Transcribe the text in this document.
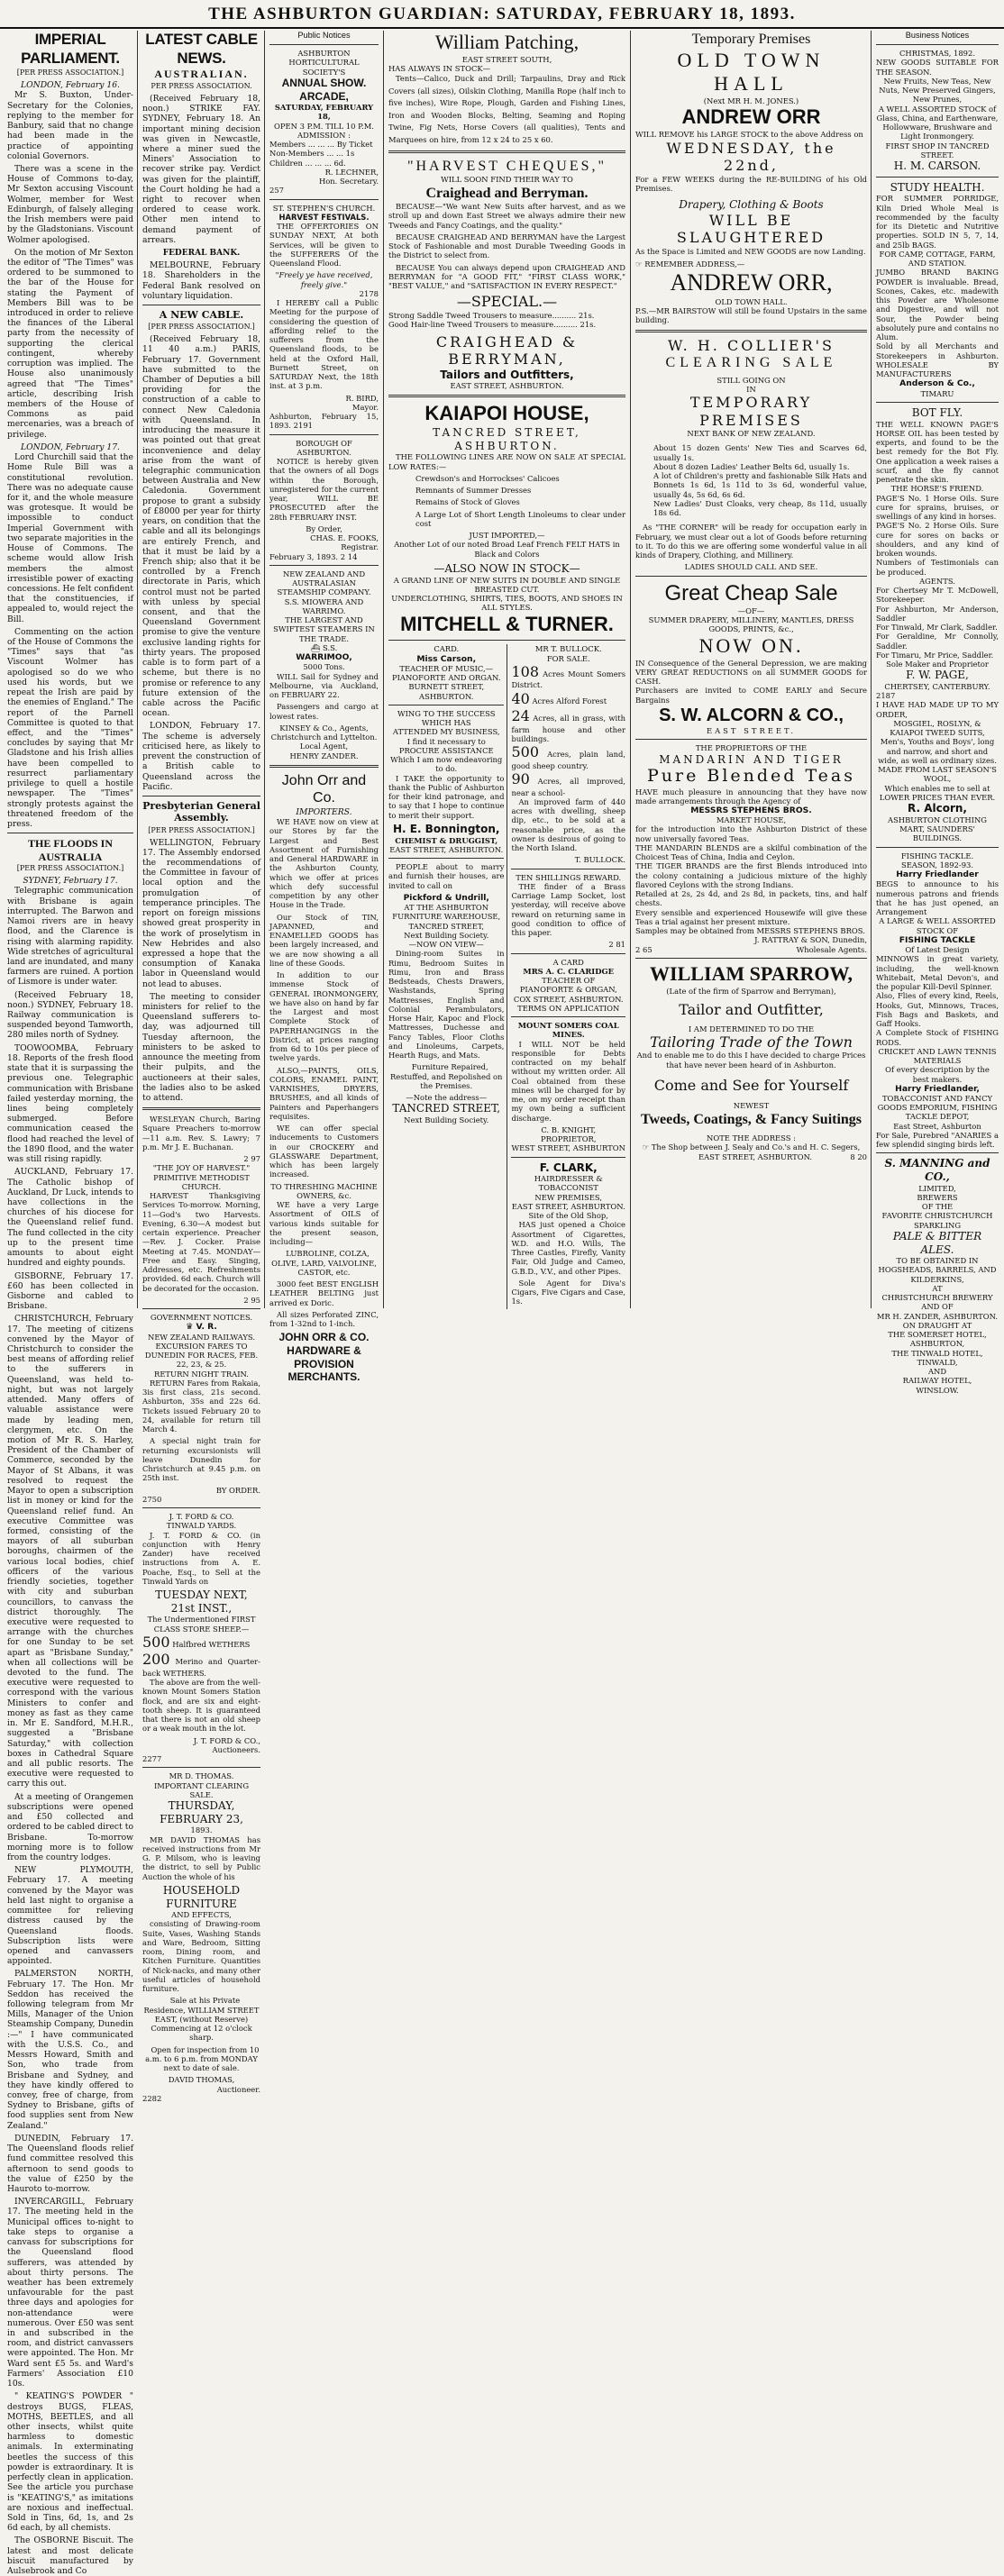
THE ASHBURTON GUARDIAN: SATURDAY, FEBRUARY 18, 1893.
IMPERIAL PARLIAMENT.
[PER PRESS ASSOCIATION.]
LONDON, February 16.

Mr S. Buxton, Under-Secretary for the Colonies, replying to the member for Banbury, said that no change had been made in the practice of appointing colonial Governors.

There was a scene in the House of Commons to-day, Mr Sexton accusing Viscount Wolmer, member for West Edinburgh, of falsely alleging the Irish members were paid by the Gladstonians. Viscount Wolmer apologised.

On the motion of Mr Sexton the editor of "The Times" was ordered to be summoned to the bar of the House for stating the Payment of Members Bill was to be introduced in order to relieve the finances of the Liberal party from the necessity of supporting the clerical contingent, whereby corruption was implied. The House also unanimously agreed that "The Times" article, describing Irish members of the House of Commons as paid mercenaries, was a breach of privilege.

LONDON, February 17.

Lord Churchill said that the Home Rule Bill was a constitutional revolution. There was no adequate cause for it, and the whole measure was grotesque. It would be impossible to conduct Imperial Government with two separate majorities in the House of Commons. The scheme would allow Irish members the almost irresistible power of exacting concessions. He felt confident that the constituencies, if appealed to, would reject the Bill.

Commenting on the action of the House of Commons the "Times" says that "as Viscount Wolmer has apologised so do we who used his words, but we repeat the Irish are paid by the enemies of England." The report of the Parnell Committee is quoted to that effect, and the "Times" concludes by saying that Mr Gladstone and his Irish allies have been compelled to resurrect parliamentary privilege to quell a hostile newspaper. The "Times" strongly protests against the threatened freedom of the press.

THE FLOODS IN AUSTRALIA
[PER PRESS ASSOCIATION.]
SYDNEY, February 17.

Telegraphic communication with Brisbane is again interrupted. The Barwon and Namoi rivers are in heavy flood, and the Clarence is rising with alarming rapidity. Wide stretches of agricultural land are inundated, and many farmers are ruined. A portion of Lismore is under water.

(Received February 18, noon.) SYDNEY, February 18. Railway communication is suspended beyond Tamworth, 280 miles north of Sydney.

TOOWOOMBA, February 18. Reports of the fresh flood state that it is surpassing the previous one. Telegraphic communication with Brisbane failed yesterday morning, the lines being completely submerged. Before communication ceased the flood had reached the level of the 1890 flood, and the water was still rising rapidly.

AUCKLAND, February 17. The Catholic bishop of Auckland, Dr Luck, intends to have collections in the churches of his diocese for the Queensland relief fund. The fund collected in the city up to the present time amounts to about eight hundred and eighty pounds.

GISBORNE, February 17. £60 has been collected in Gisborne and cabled to Brisbane.

CHRISTCHURCH, February 17. The meeting of citizens convened by the Mayor of Christchurch to consider the best means of affording relief to the sufferers in Queensland, was held to-night, but was not largely attended. Many offers of valuable assistance were made by leading men, clergymen, etc. On the motion of Mr R. S. Harley, President of the Chamber of Commerce, seconded by the Mayor of St Albans, it was resolved to request the Mayor to open a subscription list in money or kind for the Queensland relief fund. An executive Committee was formed, consisting of the mayors of all suburban boroughs, chairmen of the various local bodies, chief officers of the various friendly societies, together with city and suburban councillors, to canvass the district thoroughly. The executive were requested to arrange with the churches for one Sunday to be set apart as "Brisbane Sunday," when all collections will be devoted to the fund. The executive were requested to correspond with the various Ministers to confer and money as fast as they came in. Mr E. Sandford, M.H.R., suggested a "Brisbane Saturday," with collection boxes in Cathedral Square and all public resorts. The executive were requested to carry this out.

At a meeting of Orangemen subscriptions were opened and £50 collected and ordered to be cabled direct to Brisbane. To-morrow morning more is to follow from the country lodges.

NEW PLYMOUTH, February 17. A meeting convened by the Mayor was held last night to organise a committee for relieving distress caused by the Queensland floods. Subscription lists were opened and canvassers appointed.

PALMERSTON NORTH, February 17. The Hon. Mr Seddon has received the following telegram from Mr Mills, Manager of the Union Steamship Company, Dunedin :—" I have communicated with the U.S.S. Co., and Messrs Howard, Smith and Son, who trade from Brisbane and Sydney, and they have kindly offered to convey, free of charge, from Sydney to Brisbane, gifts of food supplies sent from New Zealand."

DUNEDIN, February 17. The Queensland floods relief fund committee resolved this afternoon to send goods to the value of £250 by the Hauroto to-morrow.

INVERCARGILL, February 17. The meeting held in the Municipal offices to-night to take steps to organise a canvass for subscriptions for the Queensland flood sufferers, was attended by about thirty persons. The weather has been extremely unfavourable for the past three days and apologies for non-attendance were numerous. Over £50 was sent in and subscribed in the room, and district canvassers were appointed. The Hon. Mr Ward sent £5 5s. and Ward's Farmers' Association £10 10s.

" KEATING'S POWDER " destroys BUGS, FLEAS, MOTHS, BEETLES, and all other insects, whilst quite harmless to domestic animals. In exterminating beetles the success of this powder is extraordinary. It is perfectly clean in application. See the article you purchase is "KEATING'S," as imitations are noxious and ineffectual. Sold in Tins, 6d, 1s, and 2s 6d each, by all chemists.

The OSBORNE Biscuit. The latest and most delicate biscuit manufactured by Aulsebrook and Co

LATEST CABLE NEWS.
AUSTRALIAN.
PER PRESS ASSOCIATION.

(Received February 18, noon.) STRIKE FAY. SYDNEY, February 18. An important mining decision was given in Newcastle, where a miner sued the Miners' Association to recover strike pay. Verdict was given for the plaintiff, the Court holding he had a right to recover when ordered to cease work. Other men intend to demand payment of arrears.

FEDERAL BANK.

MELBOURNE, February 18. Shareholders in the Federal Bank resolved on voluntary liquidation.

A NEW CABLE.
[PER PRESS ASSOCIATION.]

(Received February 18, 11 40 a.m.) PARIS, February 17. Government have submitted to the Chamber of Deputies a bill providing for the construction of a cable to connect New Caledonia with Queensland. In introducing the measure it was pointed out that great inconvenience and delay arise from the want of telegraphic communication between Australia and New Caledonia. Government propose to grant a subsidy of £8000 per year for thirty years, on condition that the cable and all its belongings are entirely French, and that it must be laid by a French ship; also that it be controlled by a French directorate in Paris, which control must not be parted with unless by special consent, and that the Queensland Government promise to give the venture exclusive landing rights for thirty years. The proposed cable is to form part of a scheme, but there is no promise or reference to any future extension of the cable across the Pacific ocean.

LONDON, February 17. The scheme is adversely criticised here, as likely to prevent the construction of a British cable to Queensland across the Pacific.

Presbyterian General Assembly.
[PER PRESS ASSOCIATION.]

WELLINGTON, February 17. The Assembly endorsed the recommendations of the Committee in favour of local option and the promulgation of temperance principles. The report on foreign missions showed great prosperity in the work of proselytism in New Hebrides and also expressed a hope that the consumption of Kanaka labor in Queensland would not lead to abuses.

The meeting to consider ministers for relief to the Queensland sufferers to-day, was adjourned till Tuesday afternoon, the ministers to be asked to announce the meeting from their pulpits, and the auctioneers at their sales, the ladies also to be asked to attend.

WESLEYAN Church, Baring Square Preachers to-morrow—11 a.m. Rev. S. Lawry; 7 p.m. Mr J. E. Buchanan.

2 97
"THE JOY OF HARVEST."
PRIMITIVE METHODIST CHURCH.

HARVEST Thanksgiving Services To-morrow. Morning, 11—God's two Harvests. Evening, 6.30—A modest but certain experience. Preacher—Rev. J. Cocker. Praise Meeting at 7.45. MONDAY—Free and Easy. Singing, Addresses, etc. Refreshments provided. 6d each. Church will be decorated for the occasion.

2 95
GOVERNMENT NOTICES.
♛ V. R.
NEW ZEALAND RAILWAYS.
EXCURSION FARES TO DUNEDIN FOR RACES, FEB. 22, 23, & 25.
RETURN NIGHT TRAIN.

RETURN Fares from Rakaia, 3is first class, 21s second. Ashburton, 35s and 22s 6d. Tickets issued February 20 to 24, available for return till March 4.

A special night train for returning excursionists will leave Dunedin for Christchurch at 9.45 p.m. on 25th inst.

BY ORDER.
2750
J. T. FORD & CO.
TINWALD YARDS.

J. T. FORD & CO. (in conjunction with Henry Zander) have received instructions from A. E. Poache, Esq., to Sell at the Tinwald Yards on

TUESDAY NEXT, 21st INST.,
The Undermentioned FIRST CLASS STORE SHEEP.—
500 Halfbred WETHERS
200 Merino and Quarter-back WETHERS.

The above are from the well-known Mount Somers Station flock, and are six and eight-tooth sheep. It is guaranteed that there is not an old sheep or a weak mouth in the lot.

J. T. FORD & CO.,
Auctioneers.
2277
MR D. THOMAS.
IMPORTANT CLEARING SALE.
THURSDAY, FEBRUARY 23,
1893.

MR DAVID THOMAS has received instructions from Mr G. P. Milsom, who is leaving the district, to sell by Public Auction the whole of his

HOUSEHOLD FURNITURE
AND EFFECTS,

consisting of Drawing-room Suite, Vases, Washing Stands and Ware, Bedroom, Sitting room, Dining room, and Kitchen Furniture. Quantities of Nick-nacks, and many other useful articles of household furniture.

Sale at his Private Residence, WILLIAM STREET EAST, (without Reserve) Commencing at 12 o'clock sharp.

Open for inspection from 10 a.m. to 6 p.m. from MONDAY next to date of sale.

DAVID THOMAS,
Auctioneer.
2282
Public Notices
ASHBURTON
HORTICULTURAL SOCIETY'S
ANNUAL SHOW.
ARCADE,
SATURDAY, FEBRUARY 18,
OPEN 3 P.M. TILL 10 P.M.
ADMISSION :
Members ... ... ... By Ticket
Non-Members ... ... 1s
Children ... ... ... 6d.
R. LECHNER,
Hon. Secretary.
257
ST. STEPHEN'S CHURCH.
HARVEST FESTIVALS.

THE OFFERTORIES ON SUNDAY NEXT, At both Services, will be given to the SUFFERERS Of the Queensland Flood.

"Freely ye have received, freely give."
2178

I HEREBY call a Public Meeting for the purpose of considering the question of affording relief to the sufferers from the Queensland floods, to be held at the Oxford Hall, Burnett Street, on SATURDAY Next, the 18th inst. at 3 p.m.

R. BIRD,
Mayor.
Ashburton, February 15, 1893. 2191
BOROUGH OF ASHBURTON.

NOTICE is hereby given that the owners of all Dogs within the Borough, unregistered for the current year, WILL BE PROSECUTED after the 28th FEBRUARY INST.

By Order,
CHAS. E. FOOKS,
Registrar.
February 3, 1893. 2 14
NEW ZEALAND AND AUSTRALASIAN STEAMSHIP COMPANY.
S.S. MIOWERA AND WARRIMO.
THE LARGEST AND SWIFTEST STEAMERS IN THE TRADE.
⛴ S.S.
WARRIMOO,
5000 Tons.

WILL Sail for Sydney and Melbourne, via Auckland, on FEBRUARY 22.

Passengers and cargo at lowest rates.

KINSEY & Co., Agents, Christchurch and Lyttelton.
Local Agent,
HENRY ZANDER.
John Orr and Co.
IMPORTERS.

WE HAVE now on view at our Stores by far the Largest and Best Assortment of Furnishing and General HARDWARE in the Ashburton County, which we offer at prices which defy successful competition by any other House in the Trade.

Our Stock of TIN, JAPANNED, and ENAMELLED GOODS has been largely increased, and we are now showing a all line of these Goods.

In addition to our immense Stock of GENERAL IRONMONGERY, we have also on hand by far the Largest and most Complete Stock of PAPERHANGINGS in the District, at prices ranging from 6d to 10s per piece of twelve yards.

ALSO,—PAINTS, OILS, COLORS, ENAMEL PAINT, VARNISHES, DRYERS, BRUSHES, and all kinds of Painters and Paperhangers requisites.

WE can offer special inducements to Customers in our CROCKERY and GLASSWARE Department, which has been largely increased.

TO THRESHING MACHINE OWNERS, &c.

WE have a very Large Assortment of OILS of various kinds suitable for the present season, including—

LUBROLINE, COLZA, OLIVE, LARD, VALVOLINE, CASTOR, etc.

3000 feet BEST ENGLISH LEATHER BELTING just arrived ex Doric.

All sizes Perforated ZINC, from 1-32nd to 1-inch.

JOHN ORR & CO.
HARDWARE & PROVISION MERCHANTS.
William Patching,
EAST STREET SOUTH,
HAS ALWAYS IN STOCK—

Tents—Calico, Duck and Drill; Tarpaulins, Dray and Rick Covers (all sizes), Oilskin Clothing, Manilla Rope (half inch to five inches), Wire Rope, Plough, Garden and Fishing Lines, Iron and Wooden Blocks, Belting, Seaming and Roping Twine, Fig Nets, Horse Covers (all qualities), Tents and Marquees on hire, from 12 x 24 to 25 x 60.

"HARVEST CHEQUES,"
WILL SOON FIND THEIR WAY TO
Craighead and Berryman.

BECAUSE—"We want New Suits after harvest, and as we stroll up and down East Street we always admire their new Tweeds and Fancy Coatings, and the quality."

BECAUSE CRAIGHEAD AND BERRYMAN have the Largest Stock of Fashionable and most Durable Tweeding Goods in the District to select from.

BECAUSE You can always depend upon CRAIGHEAD AND BERRYMAN for "A GOOD FIT," "FIRST CLASS WORK," "BEST VALUE," and "SATISFACTION IN EVERY RESPECT."

—SPECIAL.—
Strong Saddle Tweed Trousers to measure.......... 21s.
Good Hair-line Tweed Trousers to measure.......... 21s.
CRAIGHEAD & BERRYMAN,
Tailors and Outfitters,
EAST STREET, ASHBURTON.
KAIAPOI HOUSE,
TANCRED STREET, ASHBURTON.

THE FOLLOWING LINES ARE NOW ON SALE AT SPECIAL LOW RATES:—

Crewdson's and Horrockses' Calicoes
Remnants of Summer Dresses
Remains of Stock of Gloves
A Large Lot of Short Length Linoleums to clear under cost
JUST IMPORTED,—
Another Lot of our noted Broad Leaf French FELT HATS in Black and Colors
—ALSO NOW IN STOCK—
A GRAND LINE OF NEW SUITS IN DOUBLE AND SINGLE BREASTED CUT.
UNDERCLOTHING, SHIRTS, TIES, BOOTS, AND SHOES IN ALL STYLES.
MITCHELL & TURNER.
CARD.
Miss Carson,
TEACHER OF MUSIC,— PIANOFORTE AND ORGAN.
BURNETT STREET, ASHBURTON.
WING TO THE SUCCESS
WHICH HAS
ATTENDED MY BUSINESS,
I find it necessary to
PROCURE ASSISTANCE
Which I am now endeavoring to do.

I TAKE the opportunity to thank the Public of Ashburton for their kind patronage, and to say that I hope to continue to merit their support.

H. E. Bonnington,
CHEMIST & DRUGGIST,
EAST STREET, ASHBURTON.

PEOPLE about to marry and furnish their houses, are invited to call on

Pickford & Undrill,
AT THE ASHBURTON
FURNITURE WAREHOUSE,
TANCRED STREET,
Next Building Society.
—NOW ON VIEW—

Dining-room Suites in Rimu, Bedroom Suites in Rimu, Iron and Brass Bedsteads, Chests Drawers, Washstands, Spring Mattresses, English and Colonial Perambulators, Horse Hair, Kapoc and Flock Mattresses, Duchesse and Fancy Tables, Floor Cloths and Linoleums, Carpets, Hearth Rugs, and Mats.

Furniture Repaired, Restuffed, and Repolished on the Premises.

—Note the address—
TANCRED STREET,
Next Building Society.
MR T. BULLOCK.
FOR SALE.
108 Acres Mount Somers District.
40 Acres Alford Forest
24 Acres, all in grass, with farm house and other buildings.
500 Acres, plain land, good sheep country.
90 Acres, all improved, near a school-

An improved farm of 440 acres with dwelling, sheep dip, etc., to be sold at a reasonable price, as the owner is desirous of going to the North Island.

T. BULLOCK.
TEN SHILLINGS REWARD.

THE finder of a Brass Carriage Lamp Socket, lost yesterday, will receive above reward on returning same in good condition to office of this paper.

2 81
A CARD
MRS A. C. CLARIDGE
TEACHER OF
PIANOFORTE & ORGAN,
COX STREET, ASHBURTON.
TERMS ON APPLICATION
MOUNT SOMERS COAL MINES.

I WILL NOT be held responsible for Debts contracted on my behalf without my written order. All Coal obtained from these mines will be charged for by me, on my order receipt than my own being a sufficient discharge.

C. B. KNIGHT,
PROPRIETOR,
WEST STREET, ASHBURTON
F. CLARK,
HAIRDRESSER & TOBACCONIST
NEW PREMISES,
EAST STREET, ASHBURTON.
Site of the Old Shop,

HAS just opened a Choice Assortment of Cigarettes, W.D. and H.O. Wills, The Three Castles, Firefly, Vanity Fair, Old Judge and Cameo, G.B.D., V.V., and other Pipes.

Sole Agent for Diva's Cigars, Five Cigars and Case, 1s.

Temporary Premises
OLD TOWN HALL
(Next MR H. M. JONES.)
ANDREW ORR
WILL REMOVE his LARGE STOCK to the above Address on
WEDNESDAY, the 22nd,
For a FEW WEEKS during the RE-BUILDING of his Old Premises.
Drapery, Clothing & Boots
WILL BE SLAUGHTERED
As the Space is Limited and NEW GOODS are now Landing.
☞ REMEMBER ADDRESS,—
ANDREW ORR,
OLD TOWN HALL.
P.S.—MR BAIRSTOW will still be found Upstairs in the same building.
W. H. COLLIER'S
CLEARING SALE
STILL GOING ON
IN
TEMPORARY PREMISES
NEXT BANK OF NEW ZEALAND.
About 15 dozen Gents' New Ties and Scarves 6d, usually 1s.
About 8 dozen Ladies' Leather Belts 6d, usually 1s.
A lot of Children's pretty and fashionable Silk Hats and Bonnets 1s 6d, 1s 11d to 3s 6d, wonderful value, usually 4s, 5s 6d, 6s 6d.
New Ladies' Dust Cloaks, very cheap, 8s 11d, usually 18s 6d.

As "THE CORNER" will be ready for occupation early in February, we must clear out a lot of Goods before returning to it. To do this we are offering some wonderful value in all kinds of Drapery, Clothing, and Millinery.

LADIES SHOULD CALL AND SEE.
Great Cheap Sale
—OF—
SUMMER DRAPERY, MILLINERY, MANTLES, DRESS GOODS, PRINTS, &c.,
NOW ON.
IN Consequence of the General Depression, we are making VERY GREAT REDUCTIONS on all SUMMER GOODS for CASH.
Purchasers are invited to COME EARLY and Secure Bargains
S. W. ALCORN & CO.,
EAST STREET.
THE PROPRIETORS OF THE
MANDARIN AND TIGER
Pure Blended Teas
HAVE much pleasure in announcing that they have now made arrangements through the Agency of
MESSRS STEPHENS BROS.
MARKET HOUSE,
for the introduction into the Ashburton District of these now universally favored Teas.
THE MANDARIN BLENDS are a skilful combination of the Choicest Teas of China, India and Ceylon.
THE TIGER BRANDS are the first Blends introduced into the colony containing a judicious mixture of the highly flavored Ceylons with the strong Indians.
Retailed at 2s, 2s 4d, and 2s 8d, in packets, tins, and half chests.
Every sensible and experienced Housewife will give these Teas a trial against her present mixture.
Samples may be obtained from MESSRS STEPHENS BROS.
J. RATTRAY & SON, Dunedin,
2 65	Wholesale Agents.
WILLIAM SPARROW,
(Late of the firm of Sparrow and Berryman),
Tailor and Outfitter,
I AM DETERMINED TO DO THE
Tailoring Trade of the Town
And to enable me to do this I have decided to charge Prices that have never been heard of in Ashburton.
Come and See for Yourself
NEWEST
Tweeds, Coatings, & Fancy Suitings
NOTE THE ADDRESS :
☞ The Shop between J. Sealy and Co.'s and H. C. Segers,
EAST STREET, ASHBURTON.	8 20
Business Notices
CHRISTMAS, 1892.
NEW GOODS SUITABLE FOR THE SEASON.
New Fruits, New Teas, New Nuts, New Preserved Gingers, New Prunes,
A WELL ASSORTED STOCK of Glass, China, and Earthenware, Hollowware, Brushware and Light Ironmongery.
FIRST SHOP IN TANCRED STREET.
H. M. CARSON.
STUDY HEALTH.
FOR SUMMER PORRIDGE, Kiln Dried Whole Meal is recommended by the faculty for its Dietetic and Nutritive properties. SOLD IN 5, 7, 14, and 25lb BAGS.
FOR CAMP, COTTAGE, FARM, AND STATION.
JUMBO BRAND BAKING POWDER is invaluable. Bread, Scones, Cakes, etc. madewith this Powder are Wholesome and Digestive, and will not Sour, the Powder being absolutely pure and contains no Alum.
Sold by all Merchants and Storekeepers in Ashburton. WHOLESALE BY MANUFACTURERS
Anderson & Co.,
TIMARU
BOT FLY.
THE WELL KNOWN PAGE'S HORSE OIL has been tested by experts, and found to be the best remedy for the Bot Fly. One application a week raises a scurf, and the fly cannot penetrate the skin.
THE HORSE'S FRIEND.
PAGE'S No. 1 Horse Oils. Sure cure for sprains, bruises, or swellings of any kind in horses.
PAGE'S No. 2 Horse Oils. Sure cure for sores on backs or shoulders, and any kind of broken wounds.
Numbers of Testimonials can be produced.
AGENTS.
For Chertsey Mr T. McDowell, Storekeeper.
For Ashburton, Mr Anderson, Saddler
For Tinwald, Mr Clark, Saddler.
For Geraldine, Mr Connolly, Saddler.
For Timaru, Mr Price, Saddler.
Sole Maker and Proprietor
F. W. PAGE,
CHERTSEY, CANTERBURY.
2187
I HAVE HAD MADE UP TO MY ORDER,
MOSGIEL, ROSLYN, & KAIAPOI TWEED SUITS,
Men's, Youths and Boys', long and narrow, and short and wide, as well as ordinary sizes.
MADE FROM LAST SEASON'S WOOL,
Which enables me to sell at
LOWER PRICES THAN EVER.
R. Alcorn,
ASHBURTON CLOTHING MART, SAUNDERS' BUILDINGS.
FISHING TACKLE.
SEASON, 1892-93.
Harry Friedlander
BEGS to announce to his numerous patrons and friends that he has just opened, an Arrangement
A LARGE & WELL ASSORTED STOCK OF
FISHING TACKLE
Of Latest Design
MINNOWS in great variety, including, the well-known Whitebait, Metal Devon's, and the popular Kill-Devil Spinner.
Also, Flies of every kind, Reels, Hooks, Gut, Minnows, Traces, Fish Bags and Baskets, and Gaff Hooks.
A Complete Stock of FISHING RODS.
CRICKET AND LAWN TENNIS MATERIALS
Of every description by the best makers.
Harry Friedlander,
TOBACCONIST AND FANCY GOODS EMPORIUM, FISHING TACKLE DEPOT,
East Street, Ashburton
For Sale, Purebred "ANARIES a few splendid singing birds left.
S. MANNING and CO.,
LIMITED,
BREWERS
OF THE
FAVORITE CHRISTCHURCH
SPARKLING
PALE & BITTER ALES.
TO BE OBTAINED IN
HOGSHEADS, BARRELS, AND KILDERKINS,
AT
CHRISTCHURCH BREWERY
AND OF
MR H. ZANDER, ASHBURTON.
ON DRAUGHT AT
THE SOMERSET HOTEL,
ASHBURTON,
THE TINWALD HOTEL,
TINWALD,
AND
RAILWAY HOTEL,
WINSLOW.
